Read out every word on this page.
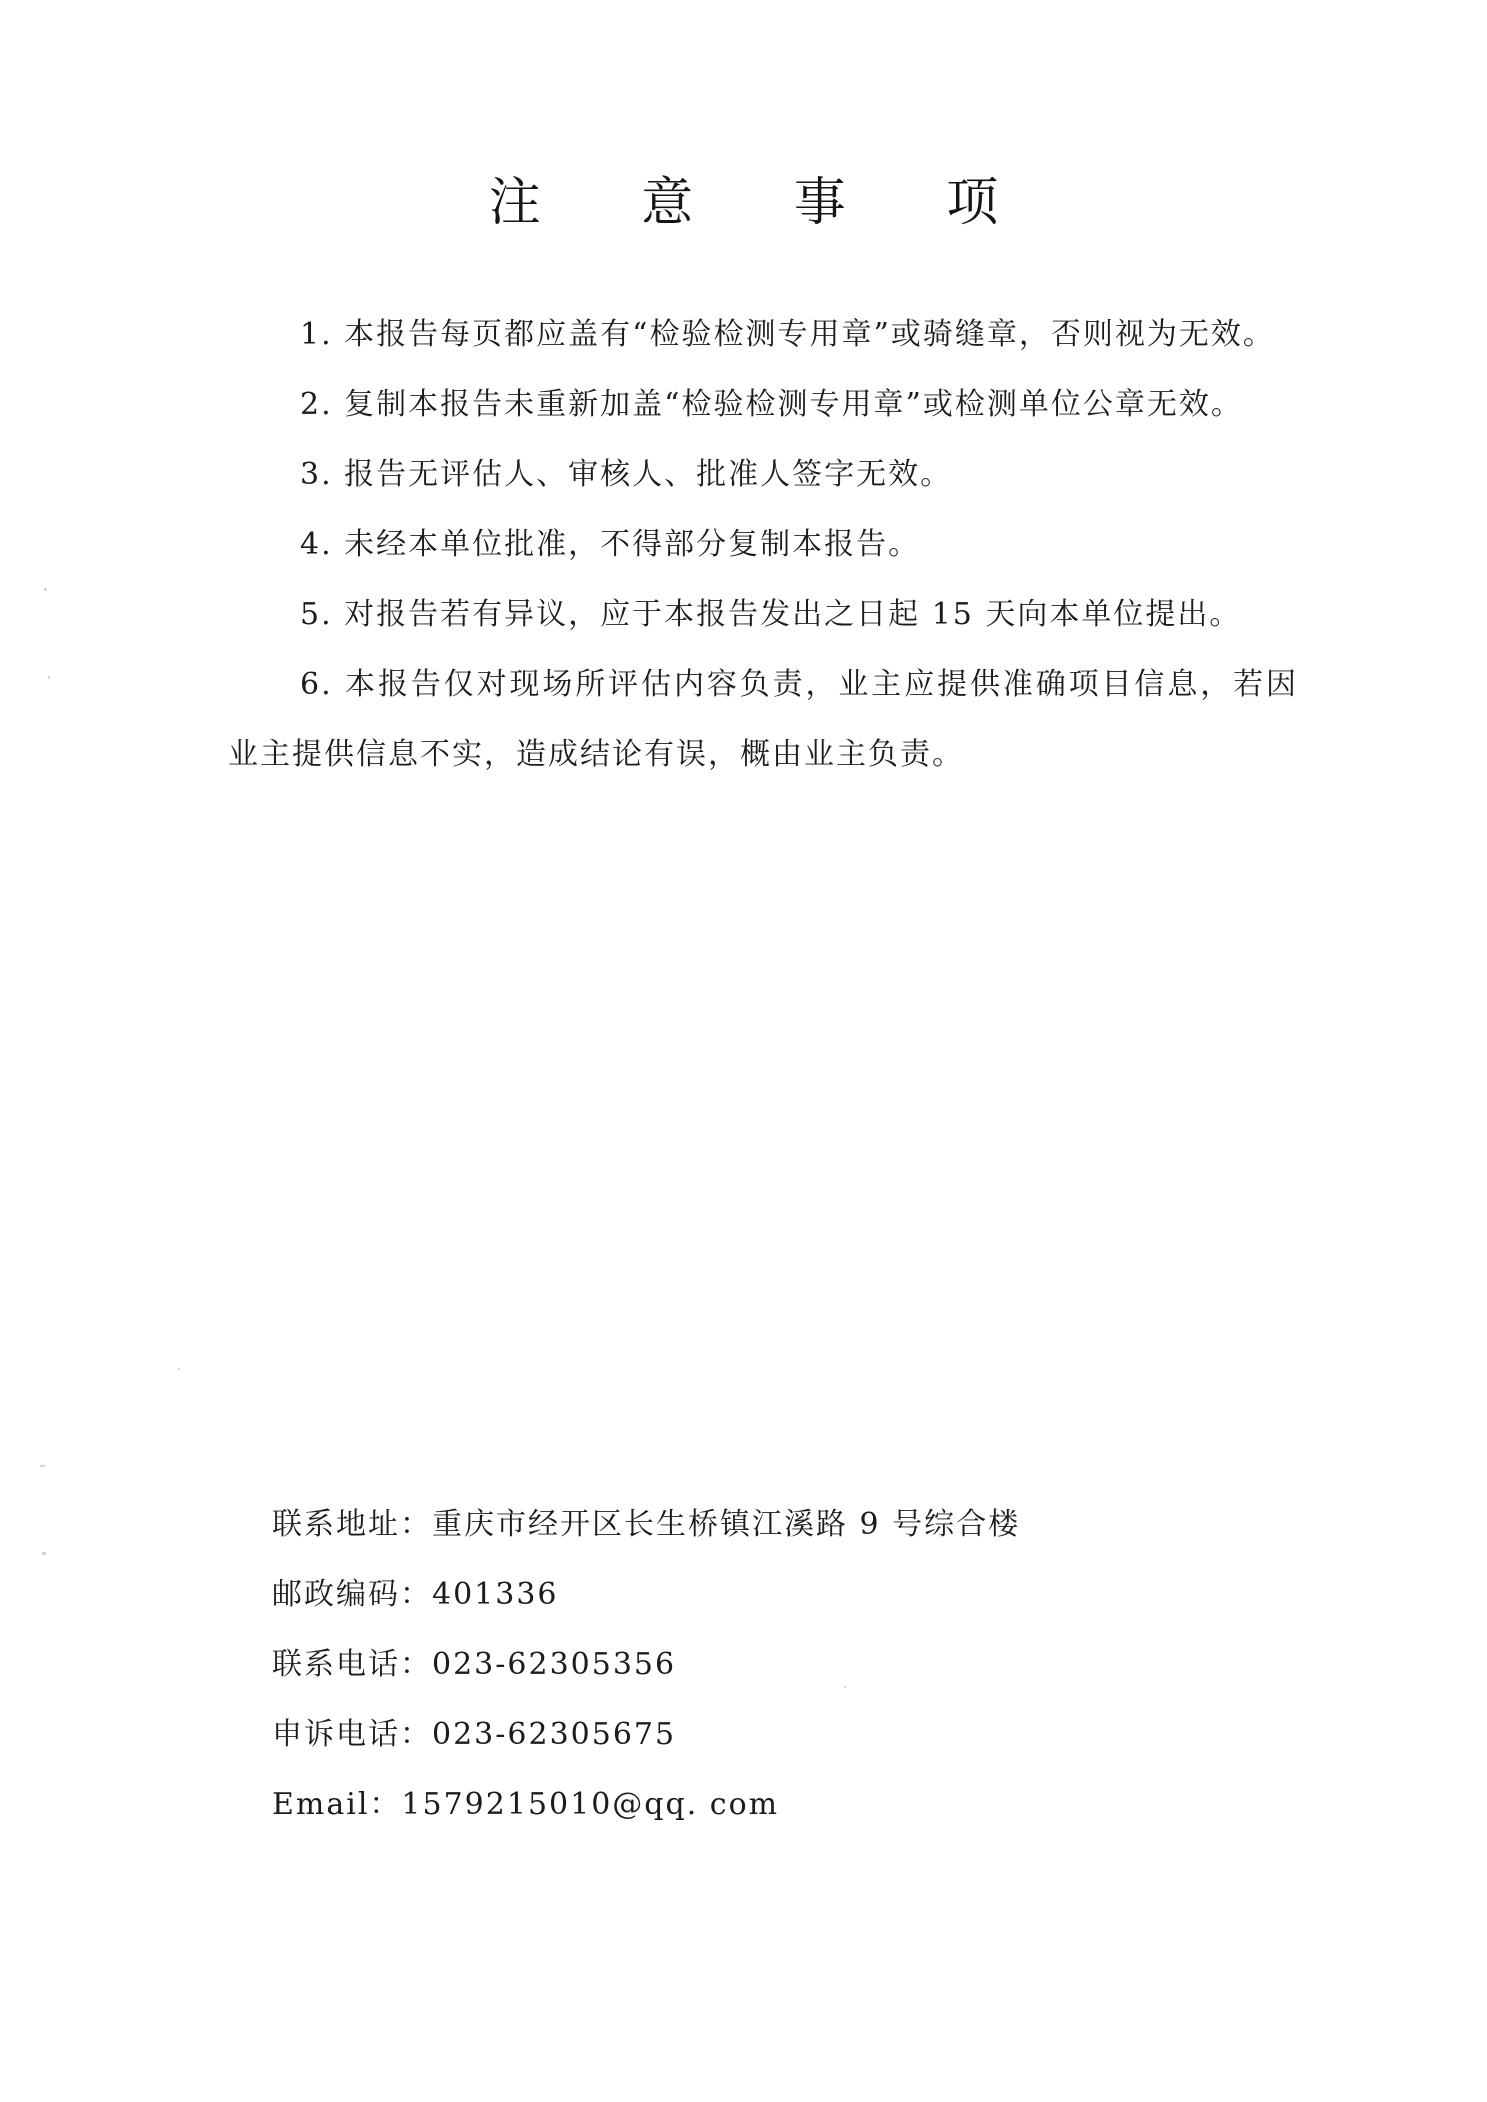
注 意 事 项

1. 本报告每页都应盖有“检验检测专用章”或骑缝章，否则视为无效。

2. 复制本报告未重新加盖“检验检测专用章”或检测单位公章无效。

3. 报告无评估人、审核人、批准人签字无效。

4. 未经本单位批准，不得部分复制本报告。

5. 对报告若有异议，应于本报告发出之日起 15 天向本单位提出。

6. 本报告仅对现场所评估内容负责，业主应提供准确项目信息，若因业主提供信息不实，造成结论有误，概由业主负责。

联系地址：重庆市经开区长生桥镇江溪路 9 号综合楼
邮政编码：401336
联系电话：023-62305356
申诉电话：023-62305675
Email：1579215010@qq. com
